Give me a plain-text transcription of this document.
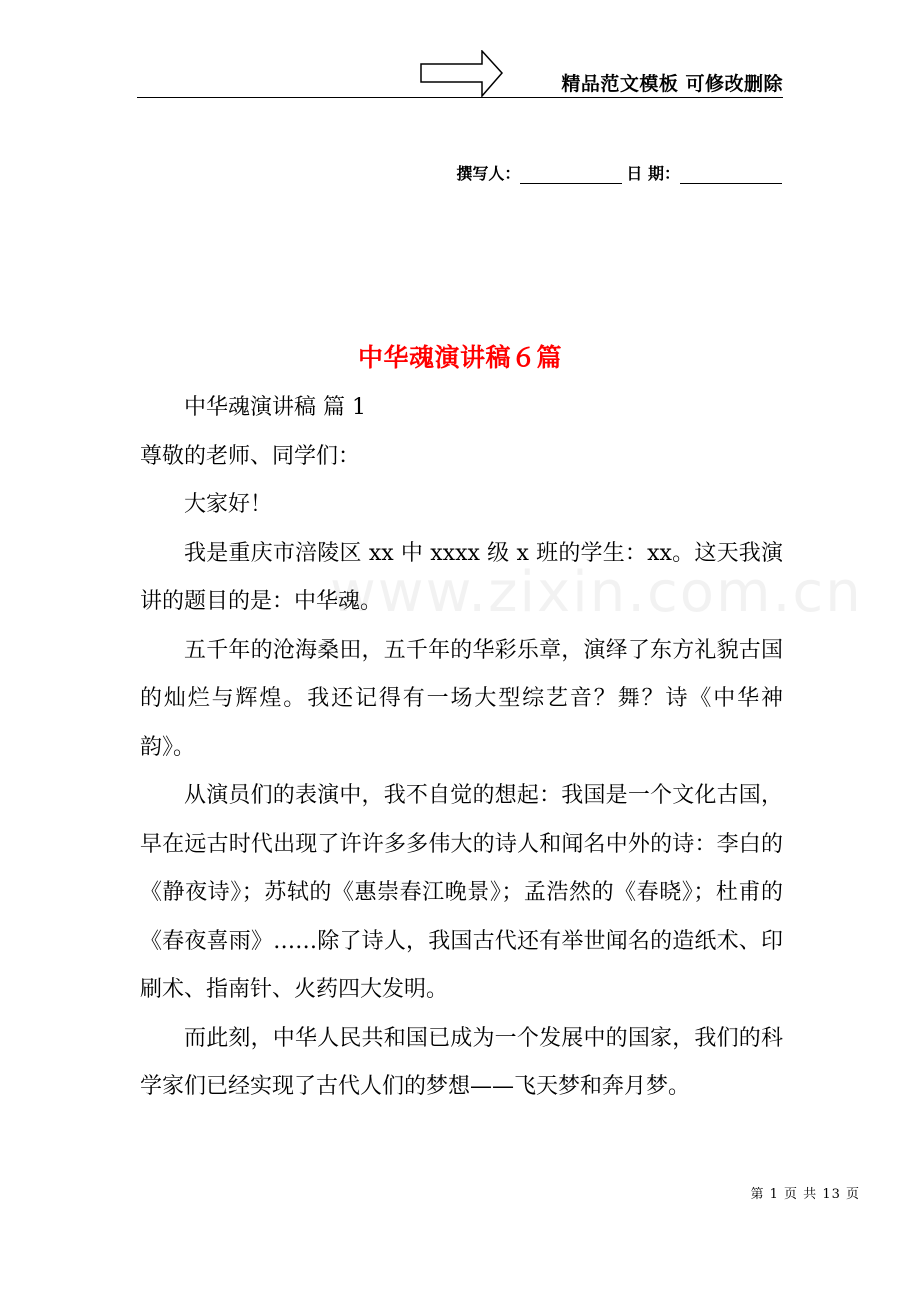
精品范文模板 可修改删除
撰写人：	日 期：
www.zixin.com.cn
中华魂演讲稿６篇

中华魂演讲稿 篇 1

尊敬的老师、同学们：

大家好！

我是重庆市涪陵区 xx 中 xxxx 级 x 班的学生：xx。这天我演讲的题目的是：中华魂。

五千年的沧海桑田，五千年的华彩乐章，演绎了东方礼貌古国的灿烂与辉煌。我还记得有一场大型综艺音？舞？诗《中华神韵》。

从演员们的表演中，我不自觉的想起：我国是一个文化古国，早在远古时代出现了许许多多伟大的诗人和闻名中外的诗：李白的《静夜诗》；苏轼的《惠崇春江晚景》；孟浩然的《春晓》；杜甫的《春夜喜雨》……除了诗人，我国古代还有举世闻名的造纸术、印刷术、指南针、火药四大发明。

而此刻，中华人民共和国已成为一个发展中的国家，我们的科学家们已经实现了古代人们的梦想——飞天梦和奔月梦。

第 1 页 共 13 页
